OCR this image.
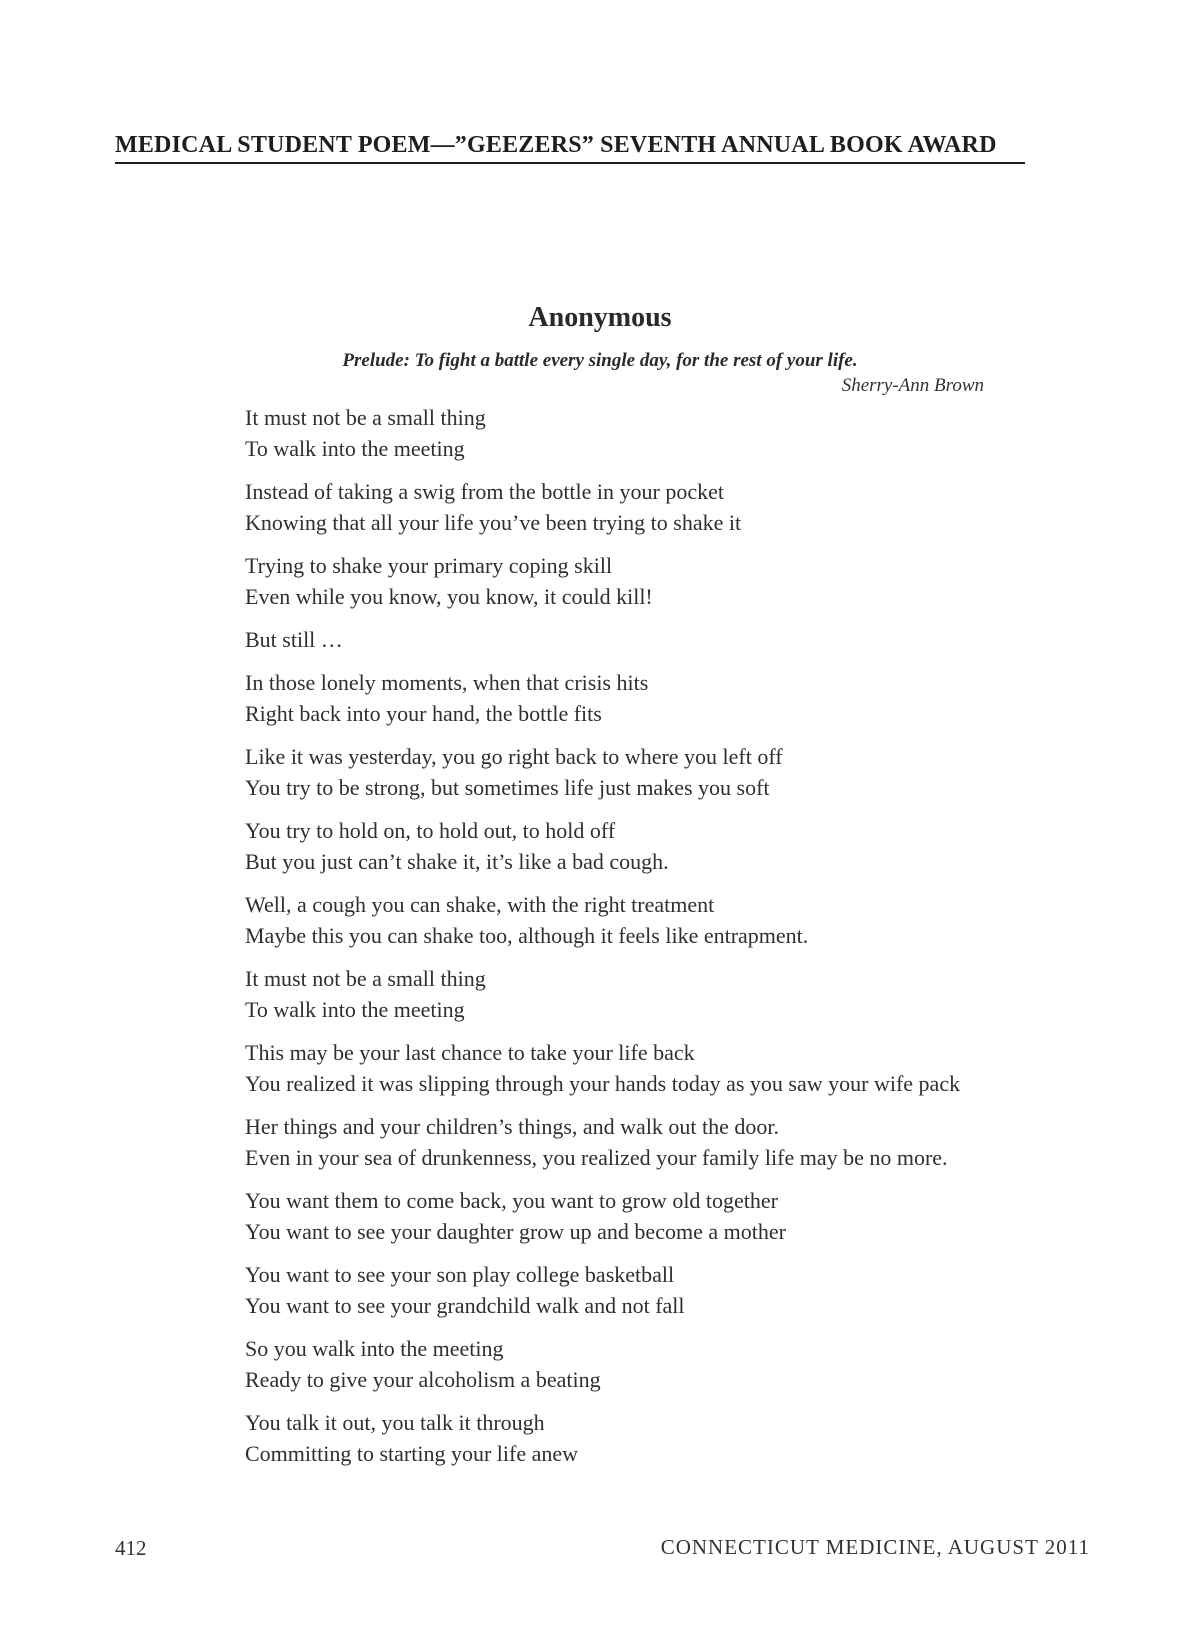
MEDICAL STUDENT POEM—”GEEZERS” SEVENTH ANNUAL BOOK AWARD
Anonymous
Prelude: To fight a battle every single day, for the rest of your life.
Sherry-Ann Brown
It must not be a small thing
To walk into the meeting
Instead of taking a swig from the bottle in your pocket
Knowing that all your life you’ve been trying to shake it
Trying to shake your primary coping skill
Even while you know, you know, it could kill!
But still …
In those lonely moments, when that crisis hits
Right back into your hand, the bottle fits
Like it was yesterday, you go right back to where you left off
You try to be strong, but sometimes life just makes you soft
You try to hold on, to hold out, to hold off
But you just can’t shake it, it’s like a bad cough.
Well, a cough you can shake, with the right treatment
Maybe this you can shake too, although it feels like entrapment.
It must not be a small thing
To walk into the meeting
This may be your last chance to take your life back
You realized it was slipping through your hands today as you saw your wife pack
Her things and your children’s things, and walk out the door.
Even in your sea of drunkenness, you realized your family life may be no more.
You want them to come back, you want to grow old together
You want to see your daughter grow up and become a mother
You want to see your son play college basketball
You want to see your grandchild walk and not fall
So you walk into the meeting
Ready to give your alcoholism a beating
You talk it out, you talk it through
Committing to starting your life anew
412	CONNECTICUT MEDICINE, AUGUST 2011
